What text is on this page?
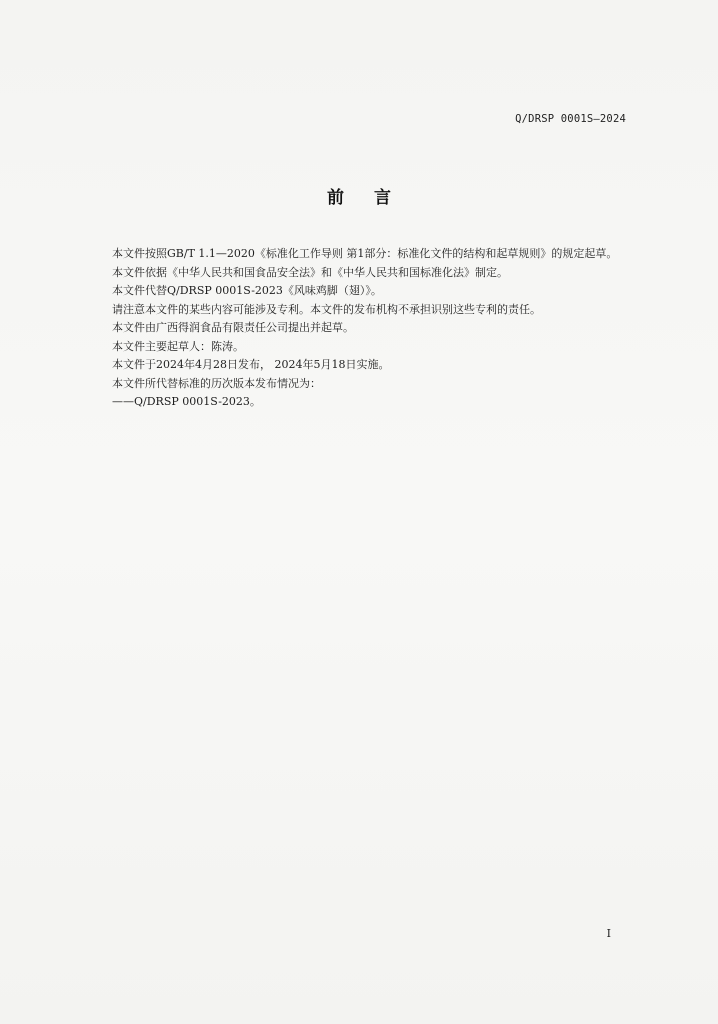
Q/DRSP 0001S—2024
前言

本文件按照GB/T 1.1—2020《标准化工作导则 第1部分：标准化文件的结构和起草规则》的规定起草。

本文件依据《中华人民共和国食品安全法》和《中华人民共和国标准化法》制定。

本文件代替Q/DRSP 0001S-2023《风味鸡脚（翅）》。

请注意本文件的某些内容可能涉及专利。本文件的发布机构不承担识别这些专利的责任。

本文件由广西得润食品有限责任公司提出并起草。

本文件主要起草人：陈涛。

本文件于2024年4月28日发布， 2024年5月18日实施。

本文件所代替标准的历次版本发布情况为：

——Q/DRSP 0001S-2023。

I
